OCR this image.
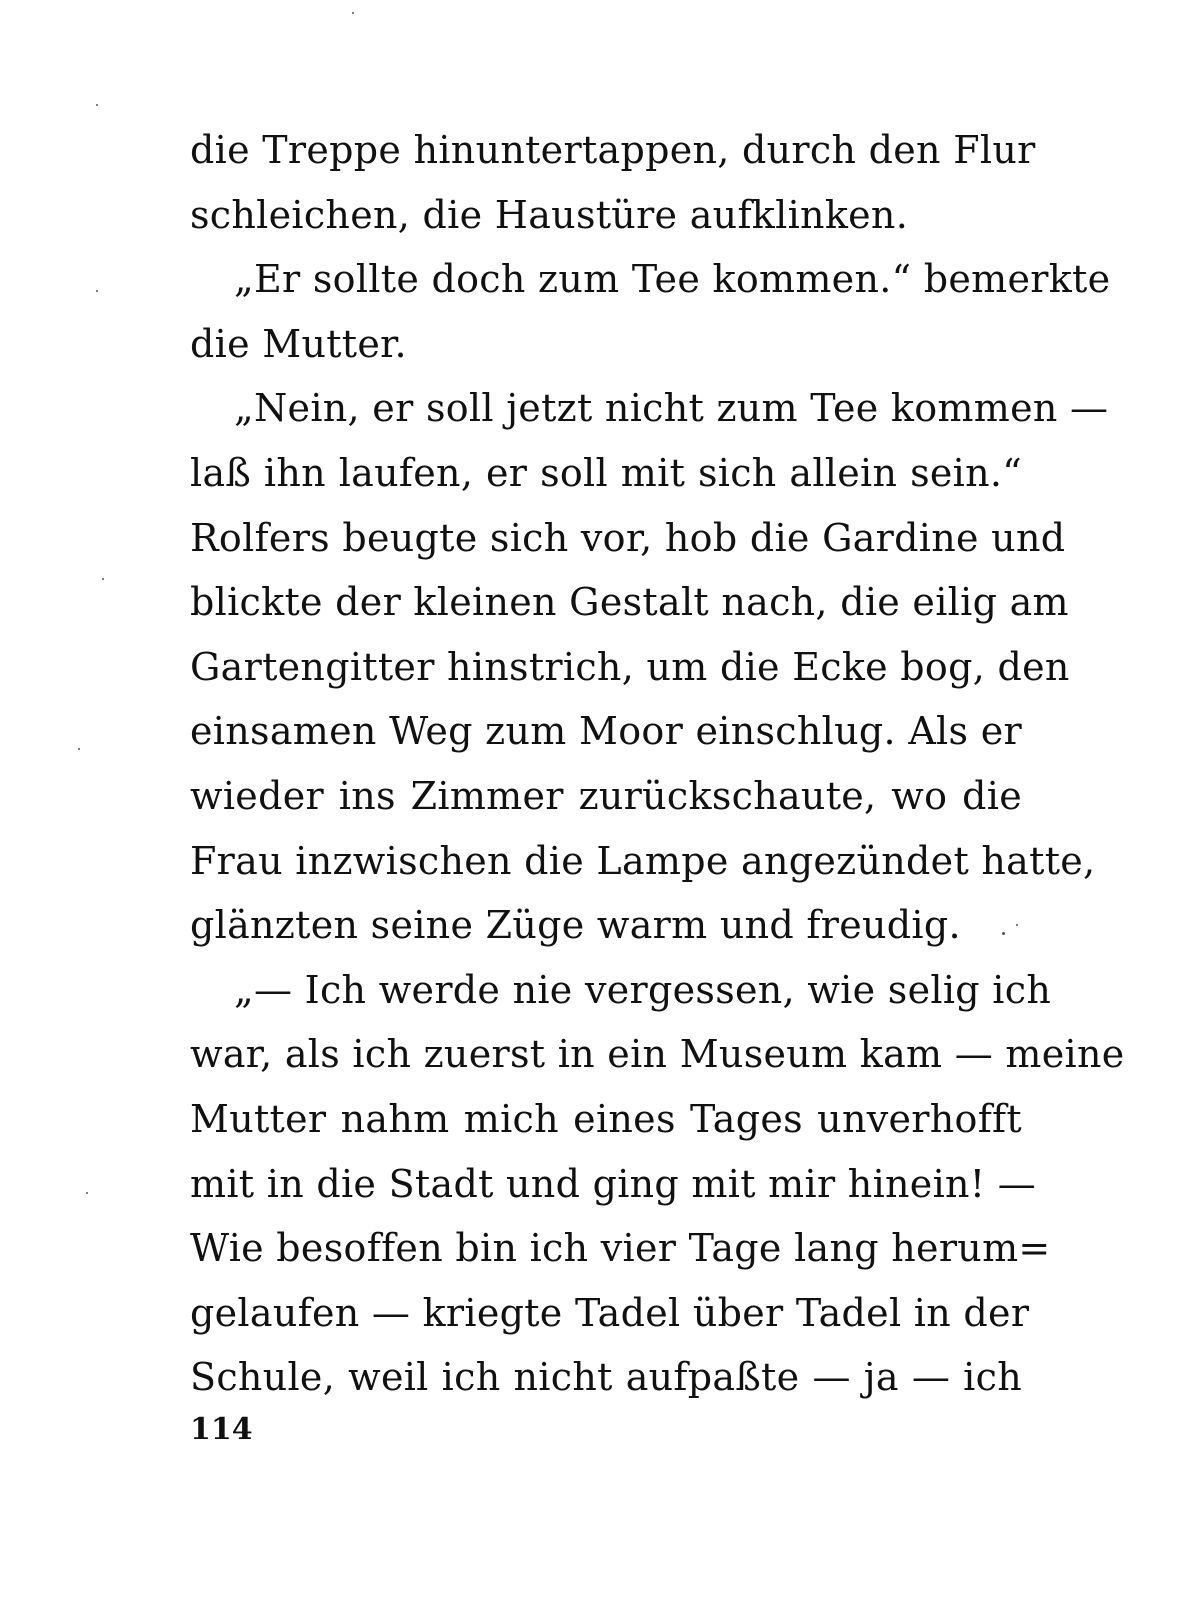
die Treppe hinuntertappen, durch den Flur
schleichen, die Haustüre aufklinken.
„Er sollte doch zum Tee kommen.“ bemerkte
die Mutter.
„Nein, er soll jetzt nicht zum Tee kommen —
laß ihn laufen, er soll mit sich allein sein.“
Rolfers beugte sich vor, hob die Gardine und
blickte der kleinen Gestalt nach, die eilig am
Gartengitter hinstrich, um die Ecke bog, den
einsamen Weg zum Moor einschlug. Als er
wieder ins Zimmer zurückschaute, wo die
Frau inzwischen die Lampe angezündet hatte,
glänzten seine Züge warm und freudig.
„— Ich werde nie vergessen, wie selig ich
war, als ich zuerst in ein Museum kam — meine
Mutter nahm mich eines Tages unverhofft
mit in die Stadt und ging mit mir hinein! —
Wie besoffen bin ich vier Tage lang herum=
gelaufen — kriegte Tadel über Tadel in der
Schule, weil ich nicht aufpaßte — ja — ich
114
